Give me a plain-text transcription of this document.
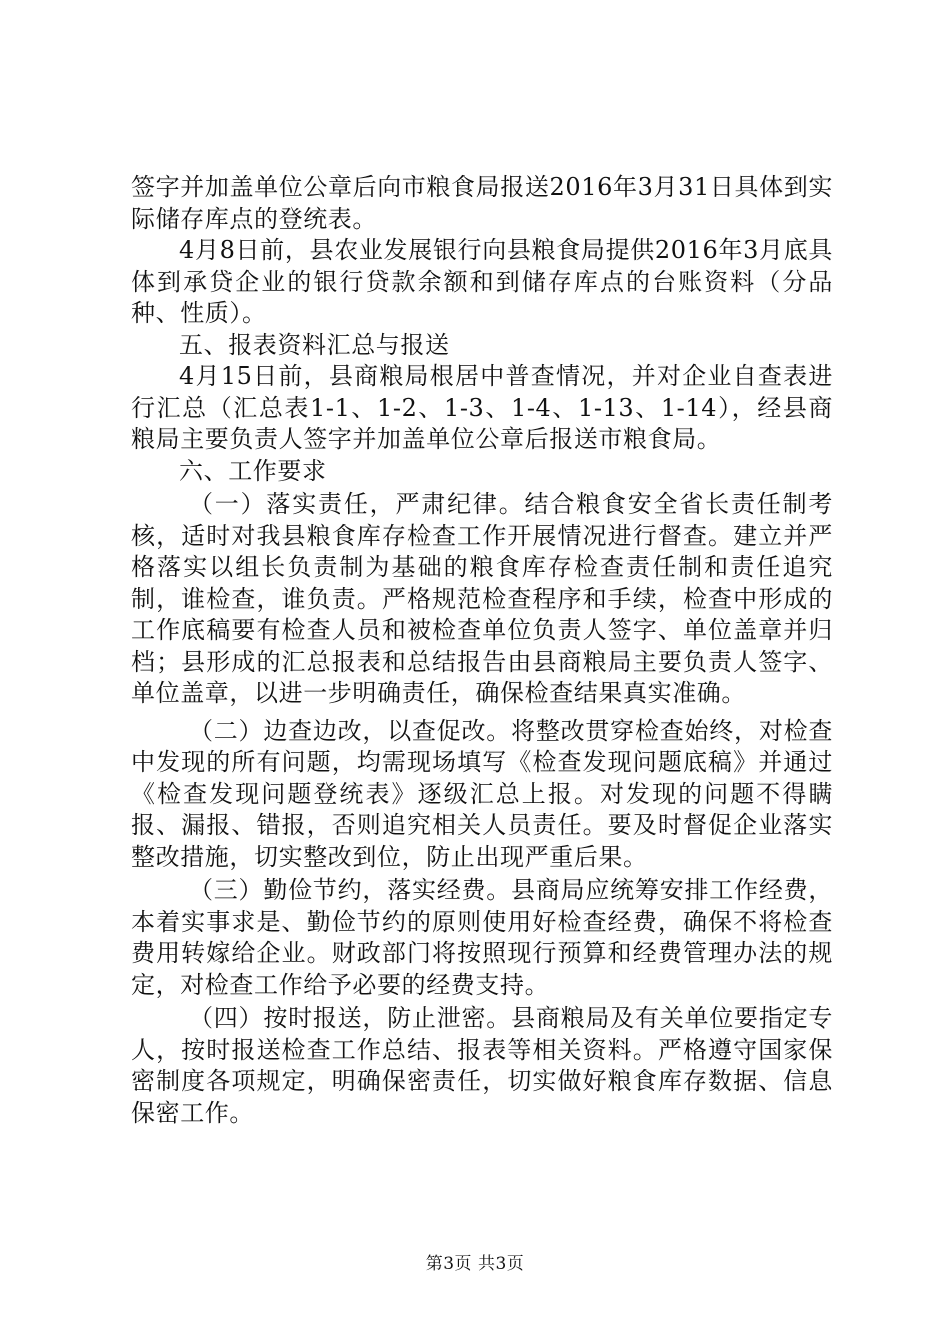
签字并加盖单位公章后向市粮食局报送2016年3月31日具体到实际储存库点的登统表。

4月8日前，县农业发展银行向县粮食局提供2016年3月底具体到承贷企业的银行贷款余额和到储存库点的台账资料（分品种、性质）。

五、报表资料汇总与报送

4月15日前，县商粮局根居中普查情况，并对企业自查表进行汇总（汇总表1-1、1-2、1-3、1-4、1-13、1-14），经县商粮局主要负责人签字并加盖单位公章后报送市粮食局。

六、工作要求

（一）落实责任，严肃纪律。结合粮食安全省长责任制考核，适时对我县粮食库存检查工作开展情况进行督查。建立并严格落实以组长负责制为基础的粮食库存检查责任制和责任追究制，谁检查，谁负责。严格规范检查程序和手续，检查中形成的工作底稿要有检查人员和被检查单位负责人签字、单位盖章并归档；县形成的汇总报表和总结报告由县商粮局主要负责人签字、单位盖章，以进一步明确责任，确保检查结果真实准确。

（二）边查边改，以查促改。将整改贯穿检查始终，对检查中发现的所有问题，均需现场填写《检查发现问题底稿》并通过《检查发现问题登统表》逐级汇总上报。对发现的问题不得瞒报、漏报、错报，否则追究相关人员责任。要及时督促企业落实整改措施，切实整改到位，防止出现严重后果。

（三）勤俭节约，落实经费。县商局应统筹安排工作经费，本着实事求是、勤俭节约的原则使用好检查经费，确保不将检查费用转嫁给企业。财政部门将按照现行预算和经费管理办法的规定，对检查工作给予必要的经费支持。

（四）按时报送，防止泄密。县商粮局及有关单位要指定专人，按时报送检查工作总结、报表等相关资料。严格遵守国家保密制度各项规定，明确保密责任，切实做好粮食库存数据、信息保密工作。

第3页 共3页
